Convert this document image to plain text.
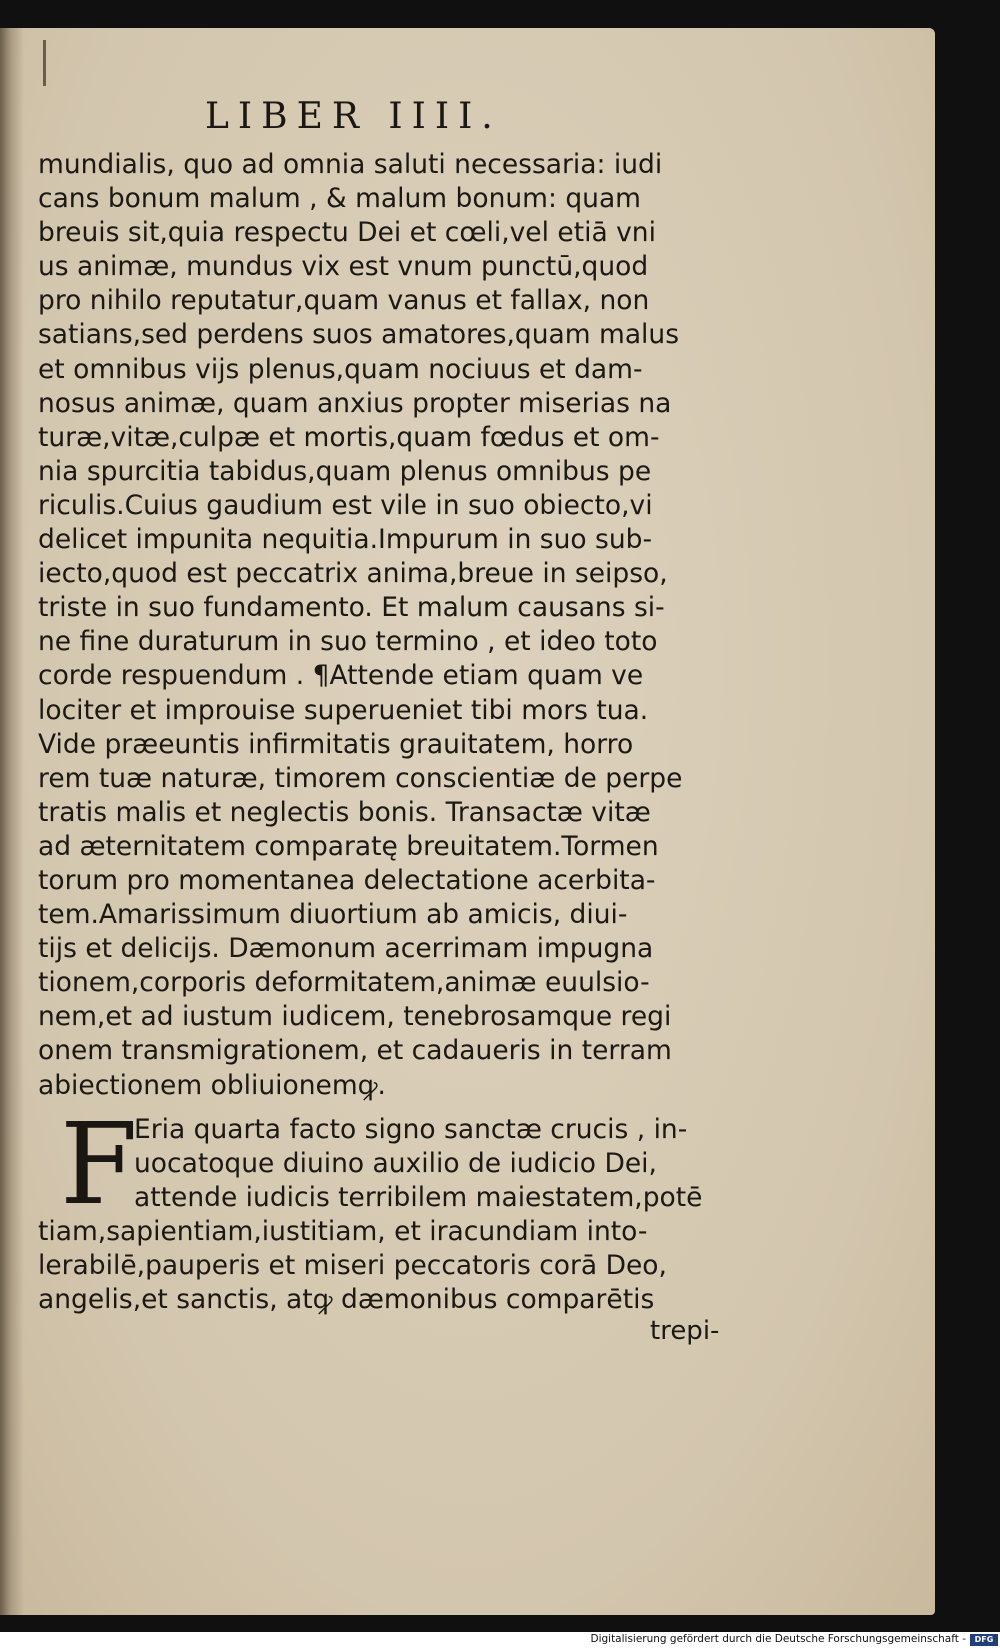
LIBER IIII.
mundialis, quo ad omnia saluti necessaria: iudi
cans bonum malum , & malum bonum: quam
breuis sit,quia respectu Dei et cœli,vel etiā vni
us animæ, mundus vix est vnum punctū,quod
pro nihilo reputatur,quam vanus et fallax, non
satians,sed perdens suos amatores,quam malus
et omnibus vijs plenus,quam nociuus et dam-
nosus animæ, quam anxius propter miserias na
turæ,vitæ,culpæ et mortis,quam fœdus et om-
nia spurcitia tabidus,quam plenus omnibus pe
riculis.Cuius gaudium est vile in suo obiecto,vi
delicet impunita nequitia.Impurum in suo sub-
iecto,quod est peccatrix anima,breue in seipso,
triste in suo fundamento. Et malum causans si-
ne fine duraturum in suo termino , et ideo toto
corde respuendum . ¶Attende etiam quam ve
lociter et improuise superueniet tibi mors tua.
Vide præeuntis infirmitatis grauitatem, horro
rem tuæ naturæ, timorem conscientiæ de perpe
tratis malis et neglectis bonis. Transactæ vitæ
ad æternitatem comparatę breuitatem.Tormen
torum pro momentanea delectatione acerbita-
tem.Amarissimum diuortium ab amicis, diui-
tijs et delicijs. Dæmonum acerrimam impugna
tionem,corporis deformitatem,animæ euulsio-
nem,et ad iustum iudicem, tenebrosamque regi
onem transmigrationem, et cadaueris in terram
abiectionem obliuionemꝙ.
F
Eria quarta facto signo sanctæ crucis , in-
uocatoque diuino auxilio de iudicio Dei,
attende iudicis terribilem maiestatem,potē
tiam,sapientiam,iustitiam, et iracundiam into-
lerabilē,pauperis et miseri peccatoris corā Deo,
angelis,et sanctis, atꝙ dæmonibus comparētis
trepi-
Digitalisierung gefördert durch die Deutsche Forschungsgemeinschaft -	DFG
